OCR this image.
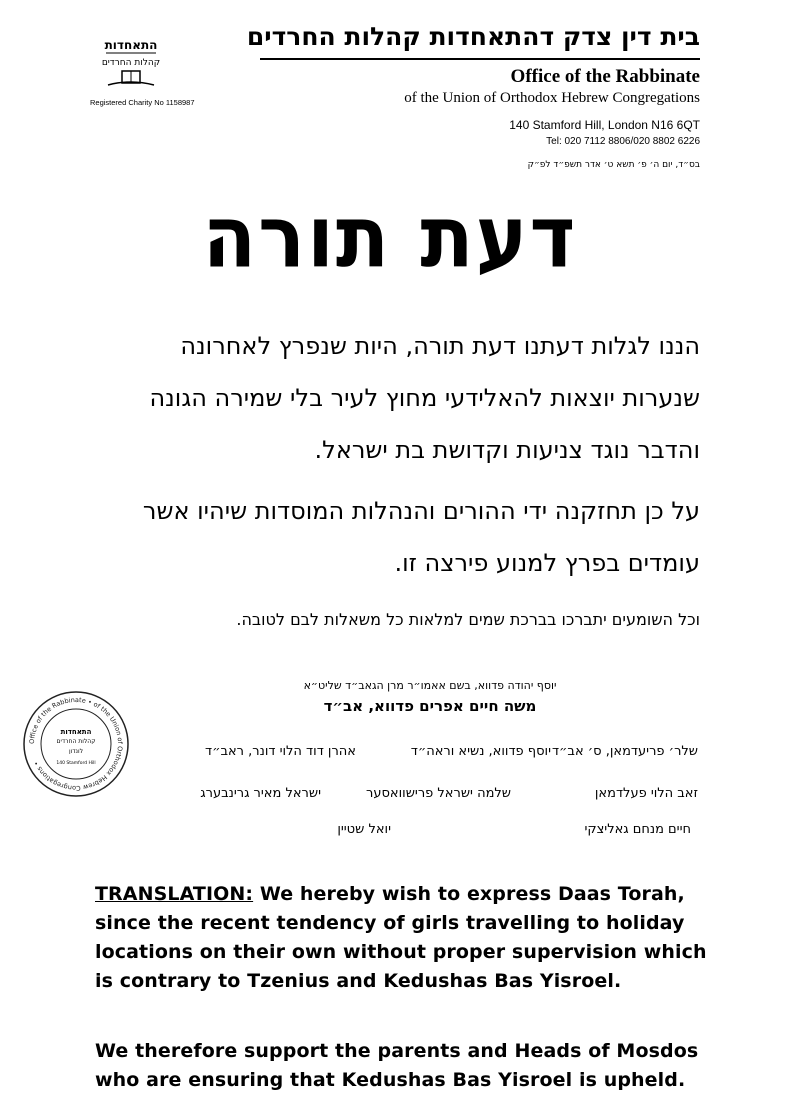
בית דין צדק דהתאחדות קהלות החרדים
Office of the Rabbinate
of the Union of Orthodox Hebrew Congregations
140 Stamford Hill, London N16 6QT
Tel: 020 7112 8806/020 8802 6226
התאחדות
קהלות החרדים
Registered Charity No 1158987
בס״ד, יום ה׳ פ׳ תשא ט׳ אדר תשפ״ד לפ״ק
דעת תורה
הננו לגלות דעתנו דעת תורה, היות שנפרץ לאחרונה שנערות יוצאות להאלידעי מחוץ לעיר בלי שמירה הגונה והדבר נוגד צניעות וקדושת בת ישראל.
על כן תחזקנה ידי ההורים והנהלות המוסדות שיהיו אשר עומדים בפרץ למנוע פירצה זו.
וכל השומעים יתברכו בברכת שמים למלאות כל משאלות לבם לטובה.
יוסף יהודה פדווא, בשם אאמו״ר מרן הגאב״ד שליט״א
משה חיים אפרים פדווא, אב״ד
שלר׳ פריעדמאן, ס׳ אב״ד
יוסף פדווא, נשיא וראה״ד
אהרן דוד הלוי דונר, ראב״ד
זאב הלוי פעלדמאן
שלמה ישראל פרישוואסער
ישראל מאיר גרינבערג
חיים מנחם גאליצקי
יואל שטיין
Office of the Rabbinate • of the Union of Orthodox Hebrew Congregations •
התאחדות
קהלות החרדים
לונדון
140 Stamford Hill
TRANSLATION: We hereby wish to express Daas Torah, since the recent tendency of girls travelling to holiday locations on their own without proper supervision which is contrary to Tzenius and Kedushas Bas Yisroel.
We therefore support the parents and Heads of Mosdos who are ensuring that Kedushas Bas Yisroel is upheld.
